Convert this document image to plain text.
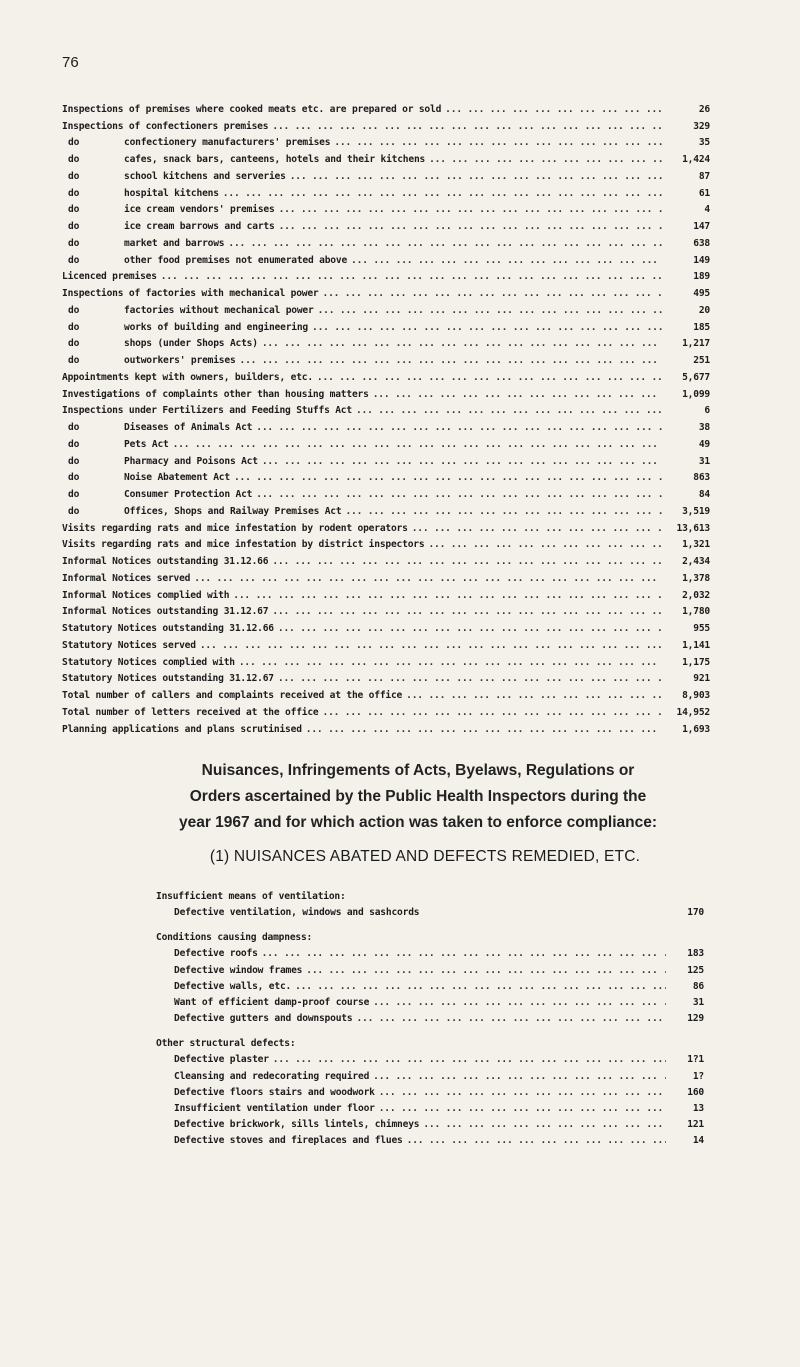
76
Inspections of premises where cooked meats etc. are prepared or sold ... .	26
Inspections of confectioners premises ... .	329
do	confectionery manufacturers' premises ... .	35
do	cafes, snack bars, canteens, hotels and their kitchens ... .	1,424
do	school kitchens and serveries ... .	87
do	hospital kitchens ... .	61
do	ice cream vendors' premises ... .	4
do	ice cream barrows and carts ... .	147
do	market and barrows ... .	638
do	other food premises not enumerated above ... .	149
Licenced premises ... .	189
Inspections of factories with mechanical power ... .	495
do	factories without mechanical power ... .	20
do	works of building and engineering ... .	185
do	shops (under Shops Acts) ... .	1,217
do	outworkers' premises ... .	251
Appointments kept with owners, builders, etc. ... .	5,677
Investigations of complaints other than housing matters ... .	1,099
Inspections under Fertilizers and Feeding Stuffs Act ... .	6
do	Diseases of Animals Act ... .	38
do	Pets Act ... .	49
do	Pharmacy and Poisons Act ... .	31
do	Noise Abatement Act ... .	863
do	Consumer Protection Act ... .	84
do	Offices, Shops and Railway Premises Act ... .	3,519
Visits regarding rats and mice infestation by rodent operators ... .	13,613
Visits regarding rats and mice infestation by district inspectors ... .	1,321
Informal Notices outstanding 31.12.66 ... .	2,434
Informal Notices served ... .	1,378
Informal Notices complied with ... .	2,032
Informal Notices outstanding 31.12.67 ... .	1,780
Statutory Notices outstanding 31.12.66 ... .	955
Statutory Notices served ... .	1,141
Statutory Notices complied with ... .	1,175
Statutory Notices outstanding 31.12.67 ... .	921
Total number of callers and complaints received at the office ... .	8,903
Total number of letters received at the office ... .	14,952
Planning applications and plans scrutinised ... .	1,693
Nuisances, Infringements of Acts, Byelaws, Regulations or
Orders ascertained by the Public Health Inspectors during the
year 1967 and for which action was taken to enforce compliance:
(1) NUISANCES ABATED AND DEFECTS REMEDIED, ETC.
Insufficient means of ventilation:
Defective ventilation, windows and sashcords	170
Conditions causing dampness:
Defective roofs ... .	183
Defective window frames ... .	125
Defective walls, etc. ... .	86
Want of efficient damp-proof course ... .	31
Defective gutters and downspouts ... .	129
Other structural defects:
Defective plaster ... .	1?1
Cleansing and redecorating required ... .	1?
Defective floors stairs and woodwork ... .	160
Insufficient ventilation under floor ... .	13
Defective brickwork, sills lintels, chimneys ... .	121
Defective stoves and fireplaces and flues ... .	14
